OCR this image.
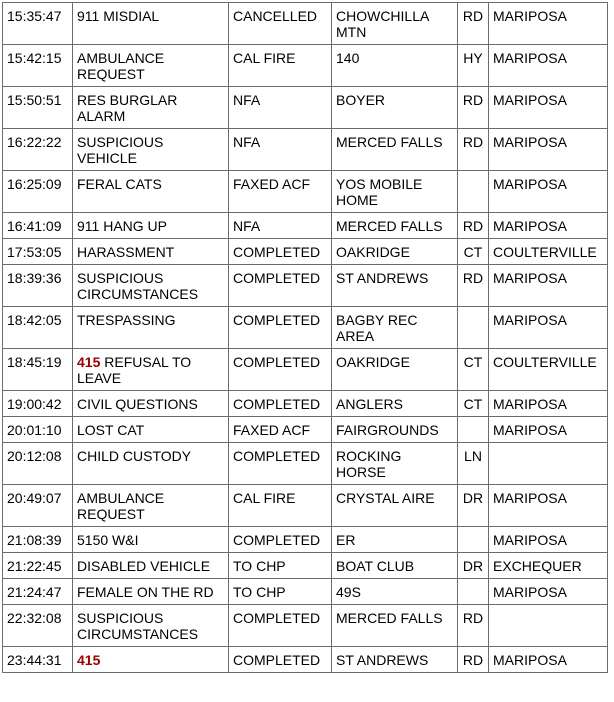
15:35:47	911 MISDIAL	CANCELLED	CHOWCHILLA MTN	RD	MARIPOSA
15:42:15	AMBULANCE REQUEST	CAL FIRE	140	HY	MARIPOSA
15:50:51	RES BURGLAR ALARM	NFA	BOYER	RD	MARIPOSA
16:22:22	SUSPICIOUS VEHICLE	NFA	MERCED FALLS	RD	MARIPOSA
16:25:09	FERAL CATS	FAXED ACF	YOS MOBILE HOME		MARIPOSA
16:41:09	911 HANG UP	NFA	MERCED FALLS	RD	MARIPOSA
17:53:05	HARASSMENT	COMPLETED	OAKRIDGE	CT	COULTERVILLE
18:39:36	SUSPICIOUS CIRCUMSTANCES	COMPLETED	ST ANDREWS	RD	MARIPOSA
18:42:05	TRESPASSING	COMPLETED	BAGBY REC AREA		MARIPOSA
18:45:19	415 REFUSAL TO LEAVE	COMPLETED	OAKRIDGE	CT	COULTERVILLE
19:00:42	CIVIL QUESTIONS	COMPLETED	ANGLERS	CT	MARIPOSA
20:01:10	LOST CAT	FAXED ACF	FAIRGROUNDS		MARIPOSA
20:12:08	CHILD CUSTODY	COMPLETED	ROCKING HORSE	LN	
20:49:07	AMBULANCE REQUEST	CAL FIRE	CRYSTAL AIRE	DR	MARIPOSA
21:08:39	5150 W&I	COMPLETED	ER		MARIPOSA
21:22:45	DISABLED VEHICLE	TO CHP	BOAT CLUB	DR	EXCHEQUER
21:24:47	FEMALE ON THE RD	TO CHP	49S		MARIPOSA
22:32:08	SUSPICIOUS CIRCUMSTANCES	COMPLETED	MERCED FALLS	RD	
23:44:31	415	COMPLETED	ST ANDREWS	RD	MARIPOSA
